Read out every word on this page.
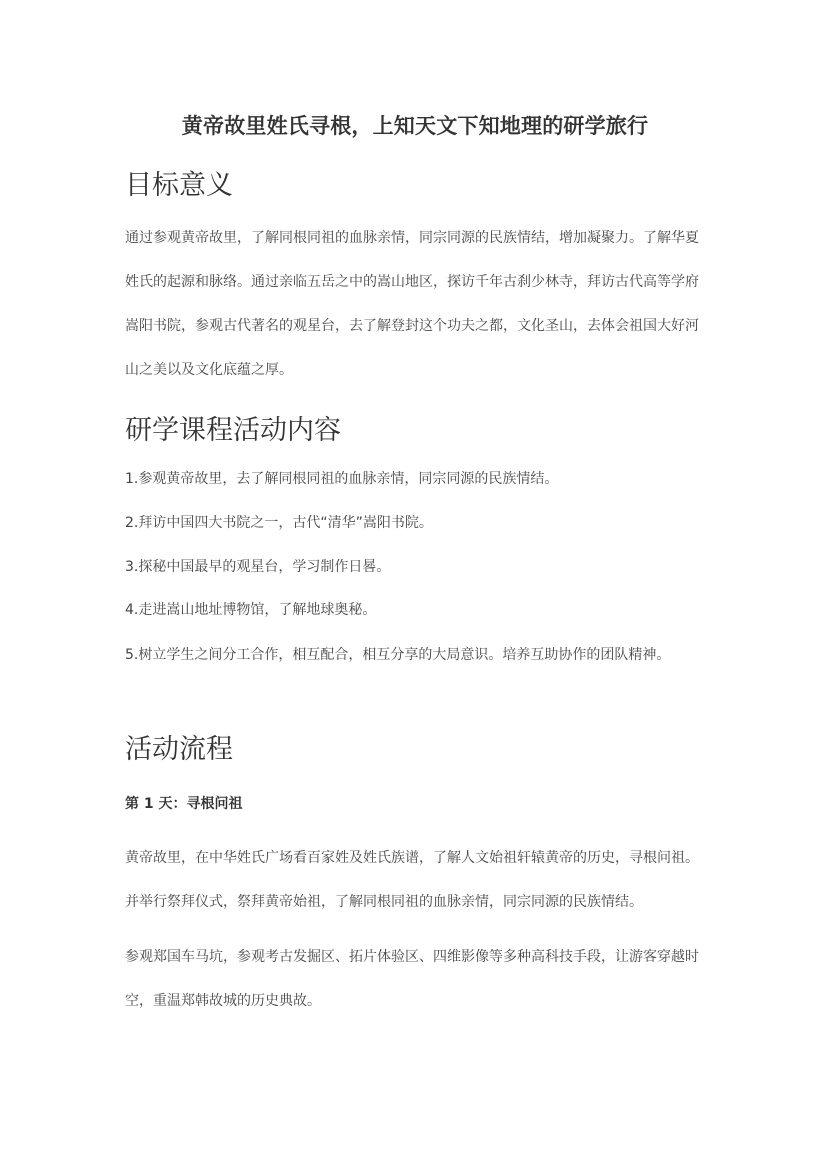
黄帝故里姓氏寻根，上知天文下知地理的研学旅行
目标意义
通过参观黄帝故里，了解同根同祖的血脉亲情，同宗同源的民族情结，增加凝聚力。了解华夏姓氏的起源和脉络。通过亲临五岳之中的嵩山地区，探访千年古刹少林寺，拜访古代高等学府嵩阳书院，参观古代著名的观星台，去了解登封这个功夫之都，文化圣山，去体会祖国大好河山之美以及文化底蕴之厚。
研学课程活动内容
1.参观黄帝故里，去了解同根同祖的血脉亲情，同宗同源的民族情结。
2.拜访中国四大书院之一，古代“清华”嵩阳书院。
3.探秘中国最早的观星台，学习制作日晷。
4.走进嵩山地址博物馆，了解地球奥秘。
5.树立学生之间分工合作，相互配合，相互分享的大局意识。培养互助协作的团队精神。
活动流程
第 1 天：寻根问祖
黄帝故里，在中华姓氏广场看百家姓及姓氏族谱，了解人文始祖轩辕黄帝的历史，寻根问祖。并举行祭拜仪式，祭拜黄帝始祖，了解同根同祖的血脉亲情，同宗同源的民族情结。
参观郑国车马坑，参观考古发掘区、拓片体验区、四维影像等多种高科技手段，让游客穿越时空，重温郑韩故城的历史典故。
